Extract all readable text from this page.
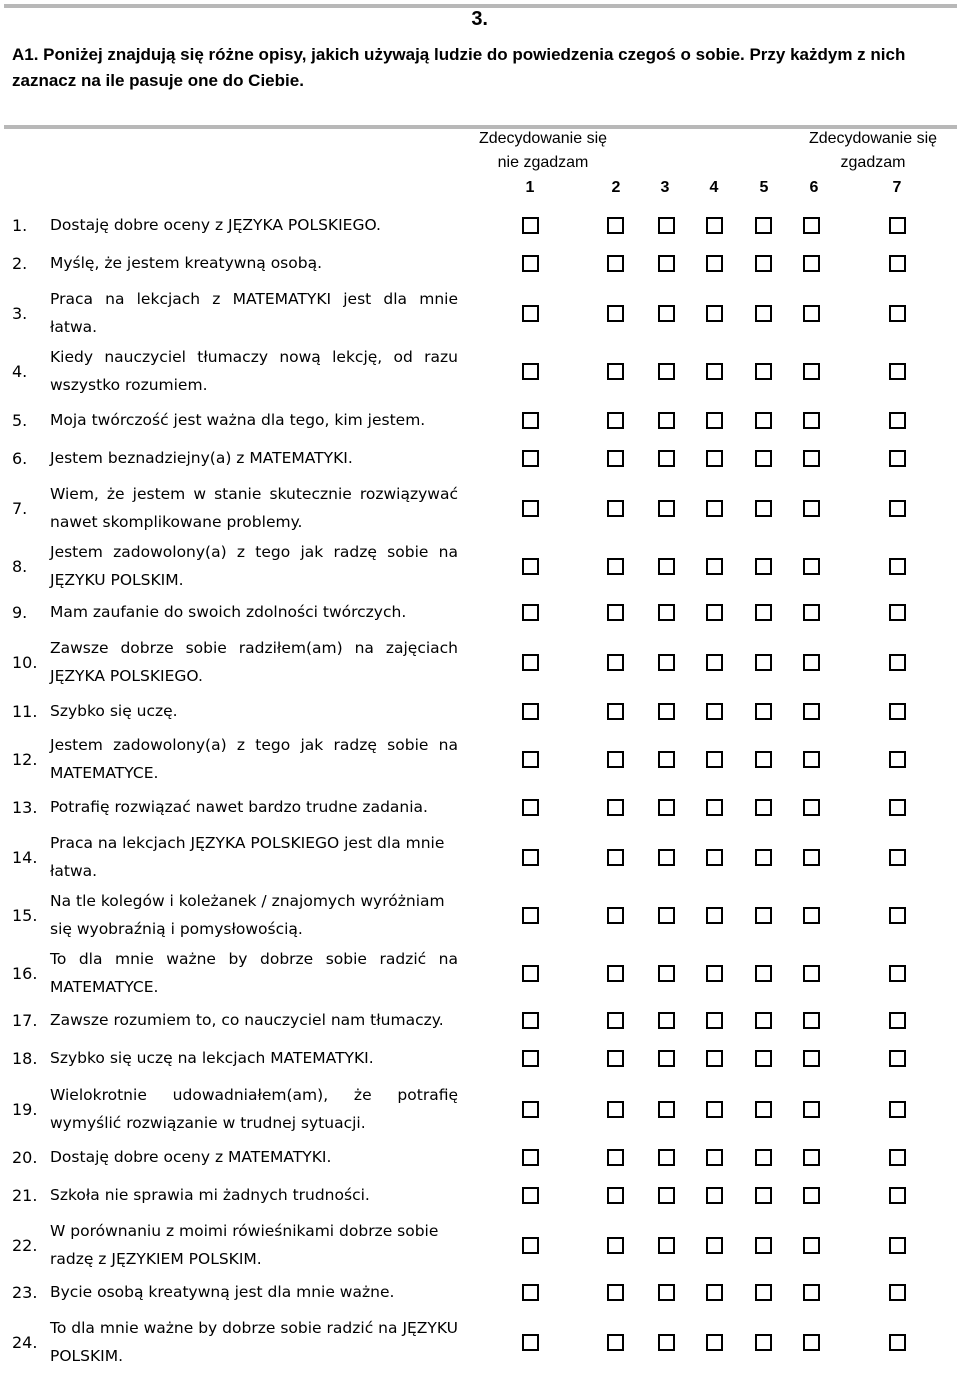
3.
A1. Poniżej znajdują się różne opisy, jakich używają ludzie do powiedzenia czegoś o sobie. Przy każdym z nich zaznacz na ile pasuje one do Ciebie.
Zdecydowanie się
nie zgadzam
Zdecydowanie się
zgadzam
1	2	3	4	5	6	7
1. Dostaję dobre oceny z JĘZYKA POLSKIEGO.
2. Myślę, że jestem kreatywną osobą.
3.
Praca na lekcjach z MATEMATYKI jest dla mnie łatwa.
4.
Kiedy nauczyciel tłumaczy nową lekcję, od razu wszystko rozumiem.
5. Moja twórczość jest ważna dla tego, kim jestem.
6. Jestem beznadziejny(a) z MATEMATYKI.
7.
Wiem, że jestem w stanie skutecznie rozwiązywać nawet skomplikowane problemy.
8.
Jestem zadowolony(a) z tego jak radzę sobie na JĘZYKU POLSKIM.
9. Mam zaufanie do swoich zdolności twórczych.
10.
Zawsze dobrze sobie radziłem(am) na zajęciach JĘZYKA POLSKIEGO.
11. Szybko się uczę.
12.
Jestem zadowolony(a) z tego jak radzę sobie na MATEMATYCE.
13. Potrafię rozwiązać nawet bardzo trudne zadania.
14.
Praca na lekcjach JĘZYKA POLSKIEGO jest dla mnie łatwa.
15.
Na tle kolegów i koleżanek / znajomych wyróżniam się wyobraźnią i pomysłowością.
16.
To dla mnie ważne by dobrze sobie radzić na MATEMATYCE.
17. Zawsze rozumiem to, co nauczyciel nam tłumaczy.
18. Szybko się uczę na lekcjach MATEMATYKI.
19.
Wielokrotnie udowadniałem(am), że potrafię wymyślić rozwiązanie w trudnej sytuacji.
20. Dostaję dobre oceny z MATEMATYKI.
21. Szkoła nie sprawia mi żadnych trudności.
22.
W porównaniu z moimi rówieśnikami dobrze sobie radzę z JĘZYKIEM POLSKIM.
23. Bycie osobą kreatywną jest dla mnie ważne.
24.
To dla mnie ważne by dobrze sobie radzić na JĘZYKU POLSKIM.
